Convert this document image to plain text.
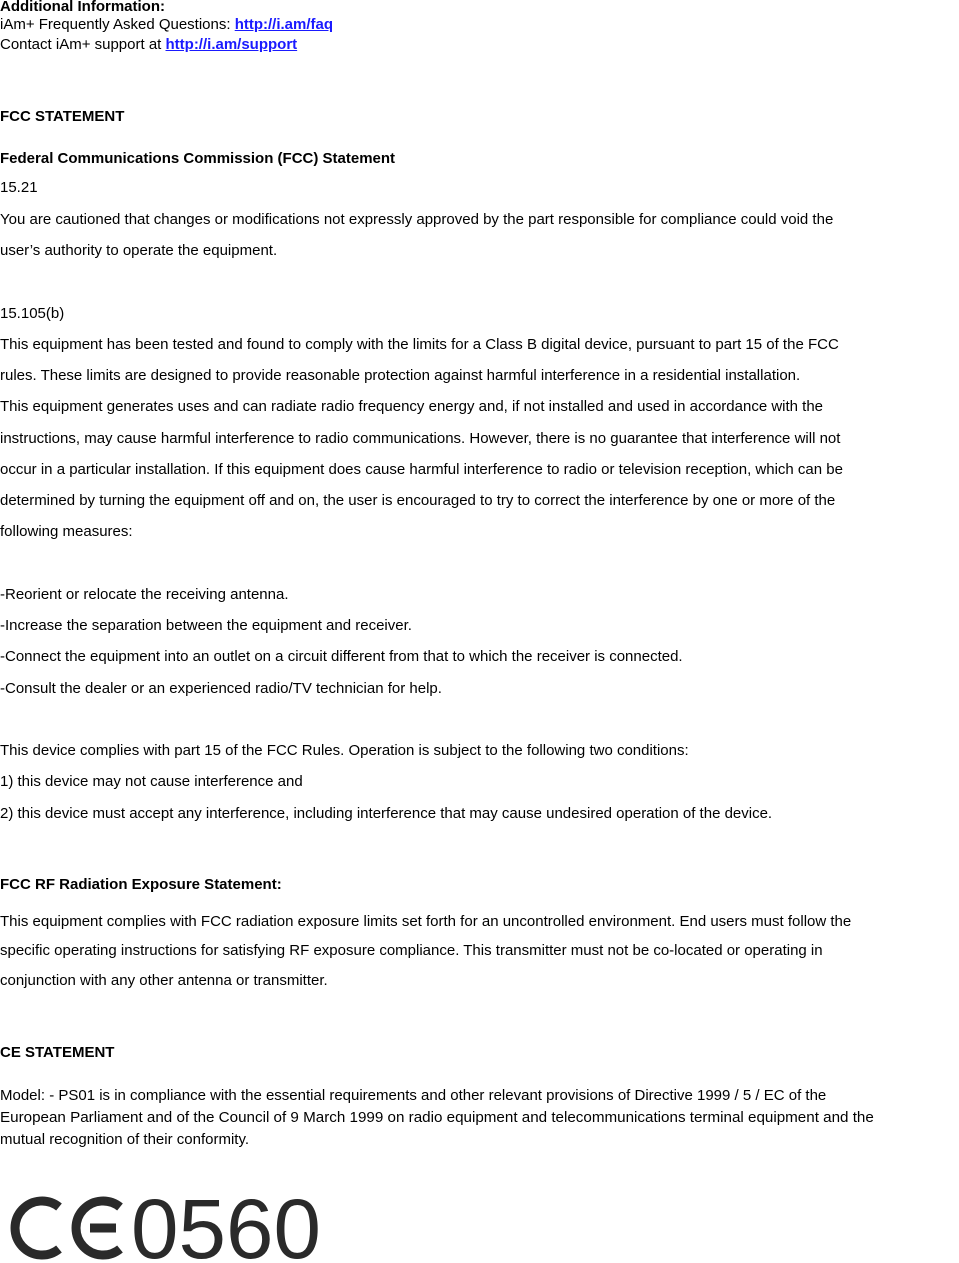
Additional Information:
iAm+ Frequently Asked Questions: http://i.am/faq
Contact iAm+ support at http://i.am/support
FCC STATEMENT
Federal Communications Commission (FCC) Statement
15.21
You are cautioned that changes or modifications not expressly approved by the part responsible for compliance could void the
user’s authority to operate the equipment.
15.105(b)
This equipment has been tested and found to comply with the limits for a Class B digital device, pursuant to part 15 of the FCC
rules. These limits are designed to provide reasonable protection against harmful interference in a residential installation.
This equipment generates uses and can radiate radio frequency energy and, if not installed and used in accordance with the
instructions, may cause harmful interference to radio communications. However, there is no guarantee that interference will not
occur in a particular installation. If this equipment does cause harmful interference to radio or television reception, which can be
determined by turning the equipment off and on, the user is encouraged to try to correct the interference by one or more of the
following measures:
-Reorient or relocate the receiving antenna.
-Increase the separation between the equipment and receiver.
-Connect the equipment into an outlet on a circuit different from that to which the receiver is connected.
-Consult the dealer or an experienced radio/TV technician for help.
This device complies with part 15 of the FCC Rules. Operation is subject to the following two conditions:
1) this device may not cause interference and
2) this device must accept any interference, including interference that may cause undesired operation of the device.
FCC RF Radiation Exposure Statement:
This equipment complies with FCC radiation exposure limits set forth for an uncontrolled environment. End users must follow the
specific operating instructions for satisfying RF exposure compliance. This transmitter must not be co-located or operating in
conjunction with any other antenna or transmitter.
CE STATEMENT
Model: - PS01 is in compliance with the essential requirements and other relevant provisions of Directive 1999 / 5 / EC of the
European Parliament and of the Council of 9 March 1999 on radio equipment and telecommunications terminal equipment and the
mutual recognition of their conformity.
0560
